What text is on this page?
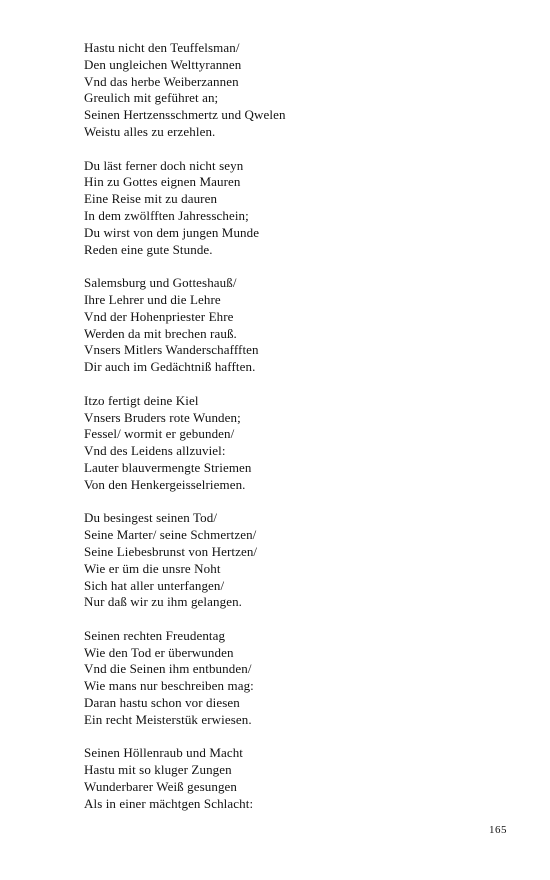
Hastu nicht den Teuffelsman/
Den ungleichen Welttyrannen
Vnd das herbe Weiberzannen
Greulich mit geführet an;
Seinen Hertzensschmertz und Qwelen
Weistu alles zu erzehlen.
Du läst ferner doch nicht seyn
Hin zu Gottes eignen Mauren
Eine Reise mit zu dauren
In dem zwölfften Jahresschein;
Du wirst von dem jungen Munde
Reden eine gute Stunde.
Salemsburg und Gotteshauß/
Ihre Lehrer und die Lehre
Vnd der Hohenpriester Ehre
Werden da mit brechen rauß.
Vnsers Mitlers Wanderschaffften
Dir auch im Gedächtniß hafften.
Itzo fertigt deine Kiel
Vnsers Bruders rote Wunden;
Fessel/ wormit er gebunden/
Vnd des Leidens allzuviel:
Lauter blauvermengte Striemen
Von den Henkergeisselriemen.
Du besingest seinen Tod/
Seine Marter/ seine Schmertzen/
Seine Liebesbrunst von Hertzen/
Wie er üm die unsre Noht
Sich hat aller unterfangen/
Nur daß wir zu ihm gelangen.
Seinen rechten Freudentag
Wie den Tod er überwunden
Vnd die Seinen ihm entbunden/
Wie mans nur beschreiben mag:
Daran hastu schon vor diesen
Ein recht Meisterstük erwiesen.
Seinen Höllenraub und Macht
Hastu mit so kluger Zungen
Wunderbarer Weiß gesungen
Als in einer mächtgen Schlacht:
165
